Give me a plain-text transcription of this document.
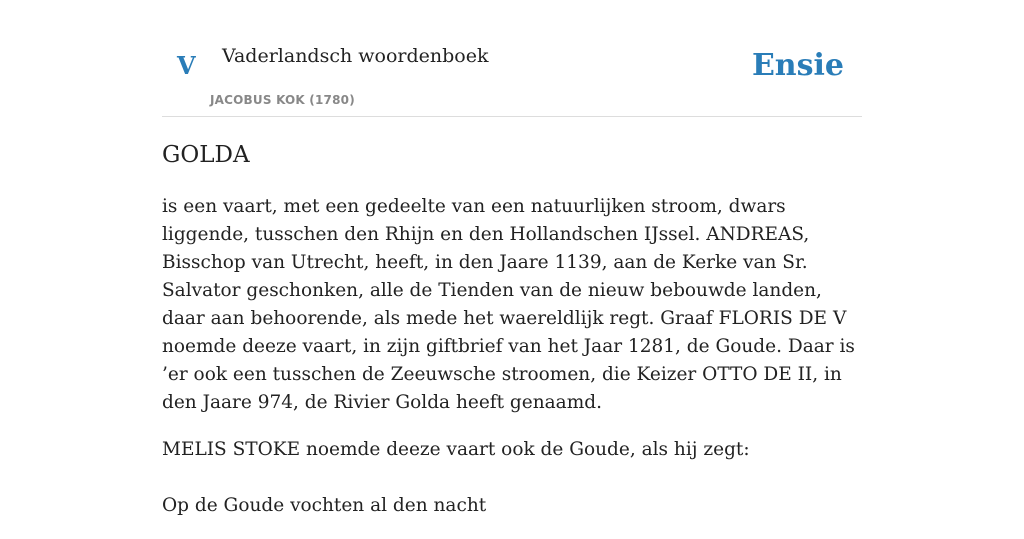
V Vaderlandsch woordenboek
JACOBUS KOK (1780)
Ensie
GOLDA

is een vaart, met een gedeelte van een natuurlijken stroom, dwars liggende, tusschen den Rhijn en den Hollandschen IJssel. ANDREAS, Bisschop van Utrecht, heeft, in den Jaare 1139, aan de Kerke van Sr. Salvator geschonken, alle de Tienden van de nieuw bebouwde landen, daar aan behoorende, als mede het waereldlijk regt. Graaf FLORIS DE V noemde deeze vaart, in zijn giftbrief van het Jaar 1281, de Goude. Daar is ’er ook een tusschen de Zeeuwsche stroomen, die Keizer OTTO DE II, in den Jaare 974, de Rivier Golda heeft genaamd.

MELIS STOKE noemde deeze vaart ook de Goude, als hij zegt:

Op de Goude vochten al den nacht
